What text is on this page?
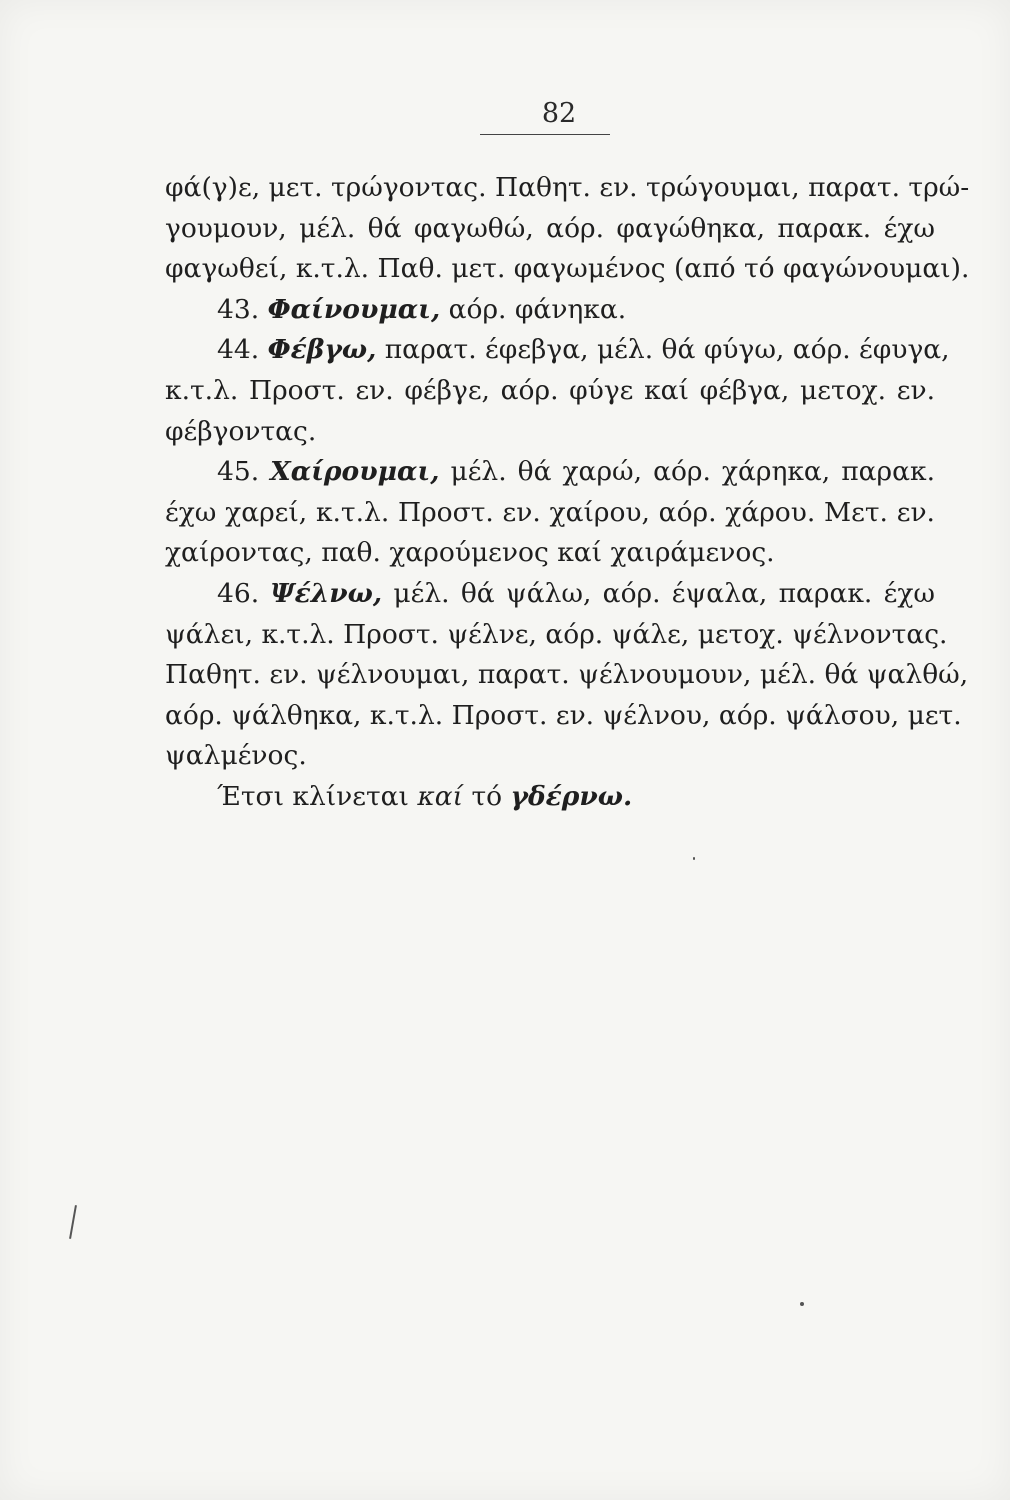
82
φά(γ)ε, μετ. τρώγοντας. Παθητ. εν. τρώγουμαι, παρατ. τρώ-
γουμουν, μέλ. θά φαγωθώ, αόρ. φαγώθηκα, παρακ. έχω
φαγωθεί, κ.τ.λ. Παθ. μετ. φαγωμένος (από τό φαγώνουμαι).
43. Φαίνουμαι, αόρ. φάνηκα.
44. Φέβγω, παρατ. έφεβγα, μέλ. θά φύγω, αόρ. έφυγα,
κ.τ.λ. Προστ. εν. φέβγε, αόρ. φύγε καί φέβγα, μετοχ. εν.
φέβγοντας.
45. Χαίρουμαι, μέλ. θά χαρώ, αόρ. χάρηκα, παρακ.
έχω χαρεί, κ.τ.λ. Προστ. εν. χαίρου, αόρ. χάρου. Μετ. εν.
χαίροντας, παθ. χαρούμενος καί χαιράμενος.
46. Ψέλνω, μέλ. θά ψάλω, αόρ. έψαλα, παρακ. έχω
ψάλει, κ.τ.λ. Προστ. ψέλνε, αόρ. ψάλε, μετοχ. ψέλνοντας.
Παθητ. εν. ψέλνουμαι, παρατ. ψέλνουμουν, μέλ. θά ψαλθώ,
αόρ. ψάλθηκα, κ.τ.λ. Προστ. εν. ψέλνου, αόρ. ψάλσου, μετ.
ψαλμένος.
Έτσι κλίνεται καί τό γδέρνω.
